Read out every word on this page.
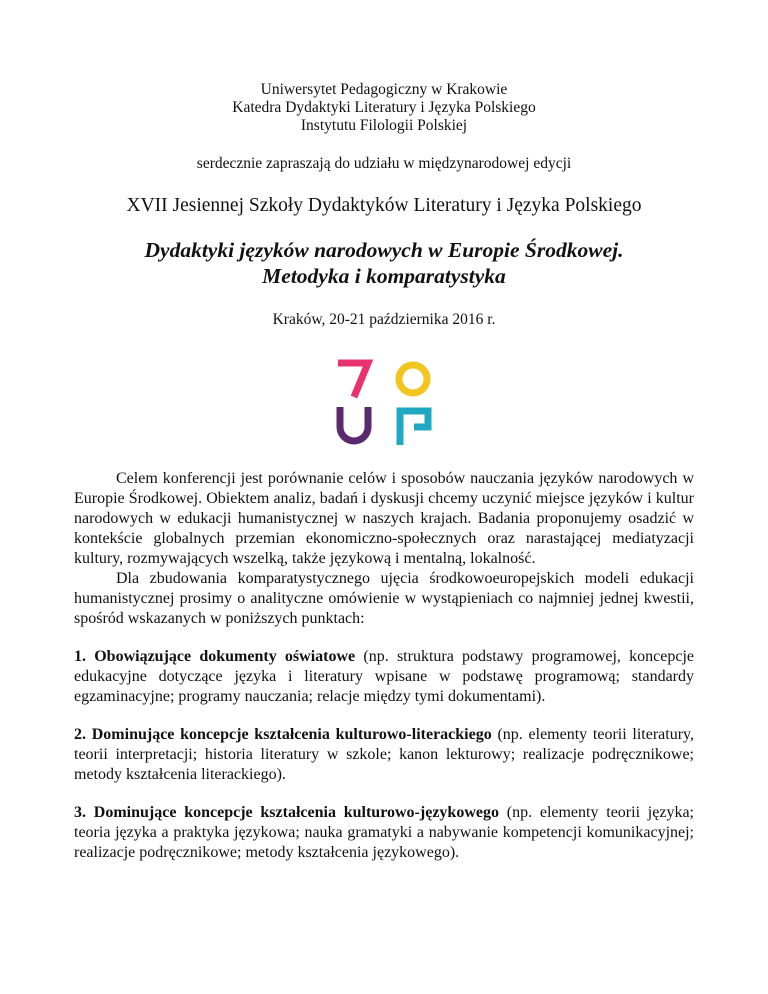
Uniwersytet Pedagogiczny w Krakowie
Katedra Dydaktyki Literatury i Języka Polskiego
Instytutu Filologii Polskiej
serdecznie zapraszają do udziału w międzynarodowej edycji
XVII Jesiennej Szkoły Dydaktyków Literatury i Języka Polskiego
Dydaktyki języków narodowych w Europie Środkowej.
Metodyka i komparatystyka
Kraków, 20-21 października 2016 r.

Celem konferencji jest porównanie celów i sposobów nauczania języków narodowych w Europie Środkowej. Obiektem analiz, badań i dyskusji chcemy uczynić miejsce języków i kultur narodowych w edukacji humanistycznej w naszych krajach. Badania proponujemy osadzić w kontekście globalnych przemian ekonomiczno-społecznych oraz narastającej mediatyzacji kultury, rozmywających wszelką, także językową i mentalną, lokalność.

Dla zbudowania komparatystycznego ujęcia środkowoeuropejskich modeli edukacji humanistycznej prosimy o analityczne omówienie w wystąpieniach co najmniej jednej kwestii, spośród wskazanych w poniższych punktach:

1. Obowiązujące dokumenty oświatowe (np. struktura podstawy programowej, koncepcje edukacyjne dotyczące języka i literatury wpisane w podstawę programową; standardy egzaminacyjne; programy nauczania; relacje między tymi dokumentami).
2. Dominujące koncepcje kształcenia kulturowo-literackiego (np. elementy teorii literatury, teorii interpretacji; historia literatury w szkole; kanon lekturowy; realizacje podręcznikowe; metody kształcenia literackiego).
3. Dominujące koncepcje kształcenia kulturowo-językowego (np. elementy teorii języka; teoria języka a praktyka językowa; nauka gramatyki a nabywanie kompetencji komunikacyjnej; realizacje podręcznikowe; metody kształcenia językowego).
